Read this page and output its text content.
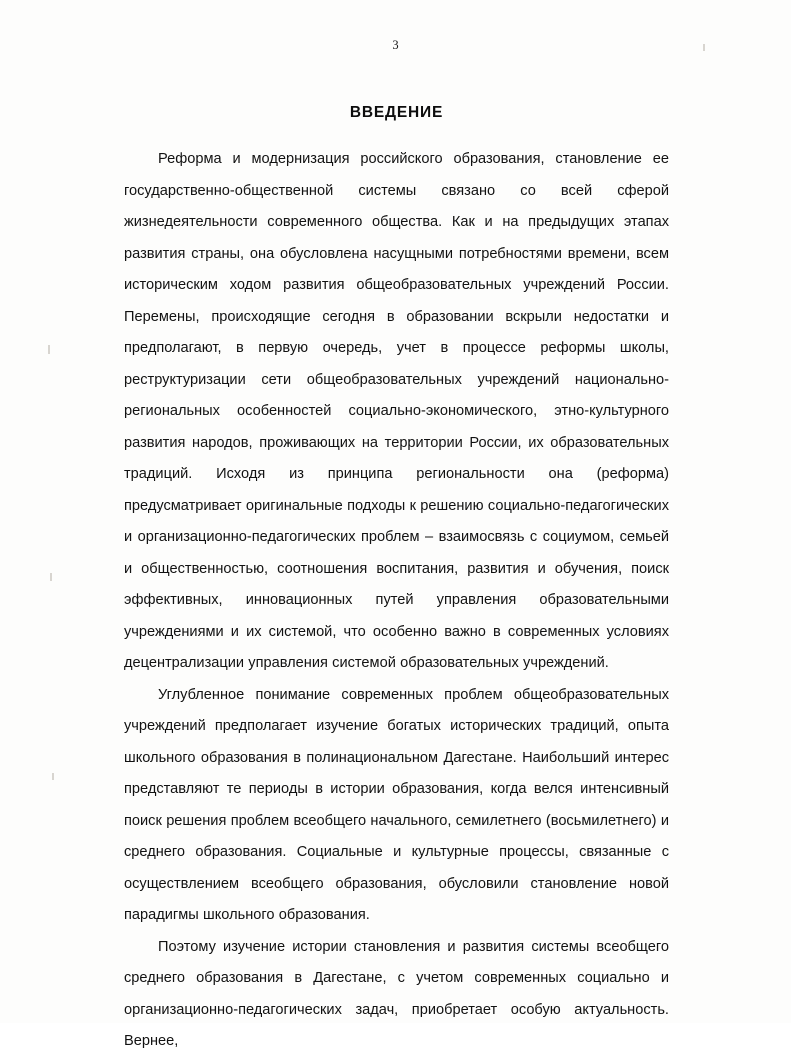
3
ВВЕДЕНИЕ

Реформа и модернизация российского образования, становление ее государственно-общественной системы связано со всей сферой жизнедеятельности современного общества. Как и на предыдущих этапах развития страны, она обусловлена насущными потребностями времени, всем историческим ходом развития общеобразовательных учреждений России. Перемены, происходящие сегодня в образовании вскрыли недостатки и предполагают, в первую очередь, учет в процессе реформы школы, реструктуризации сети общеобразовательных учреждений национально-региональных особенностей социально-экономического, этно-культурного развития народов, проживающих на территории России, их образовательных традиций. Исходя из принципа региональности она (реформа) предусматривает оригинальные подходы к решению социально-педагогических и организационно-педагогических проблем – взаимосвязь с социумом, семьей и общественностью, соотношения воспитания, развития и обучения, поиск эффективных, инновационных путей управления образовательными учреждениями и их системой, что особенно важно в современных условиях децентрализации управления системой образовательных учреждений.

Углубленное понимание современных проблем общеобразовательных учреждений предполагает изучение богатых исторических традиций, опыта школьного образования в полинациональном Дагестане. Наибольший интерес представляют те периоды в истории образования, когда велся интенсивный поиск решения проблем всеобщего начального, семилетнего (восьмилетнего) и среднего образования. Социальные и культурные процессы, связанные с осуществлением всеобщего образования, обусловили становление новой парадигмы школьного образования.

Поэтому изучение истории становления и развития системы всеобщего среднего образования в Дагестане, с учетом современных социально и организационно-педагогических задач, приобретает особую актуальность. Вернее,
